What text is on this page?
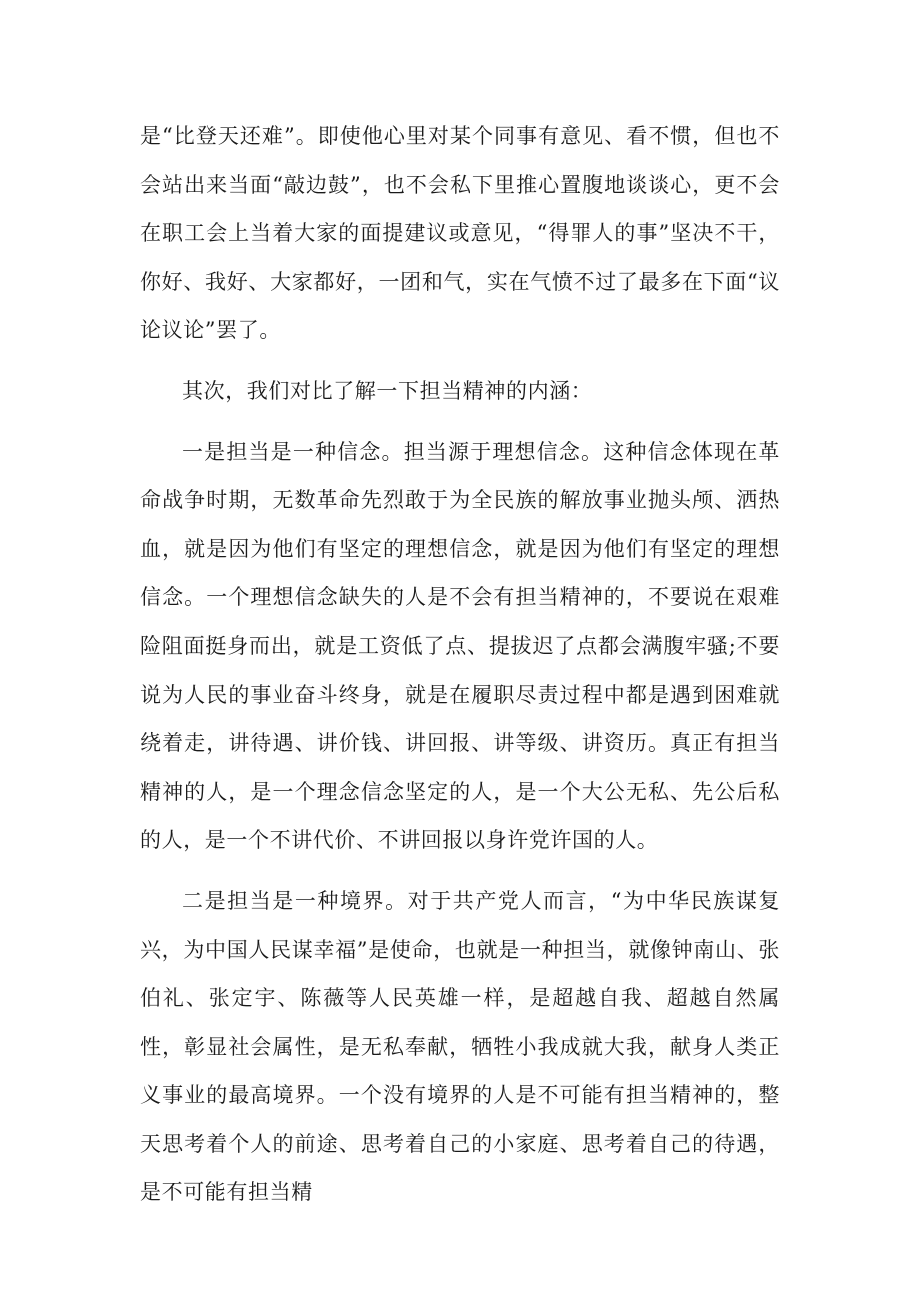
是“比登天还难”。即使他心里对某个同事有意见、看不惯，但也不会站出来当面“敲边鼓”，也不会私下里推心置腹地谈谈心，更不会在职工会上当着大家的面提建议或意见，“得罪人的事”坚决不干，你好、我好、大家都好，一团和气，实在气愤不过了最多在下面“议论议论”罢了。

其次，我们对比了解一下担当精神的内涵：

一是担当是一种信念。担当源于理想信念。这种信念体现在革命战争时期，无数革命先烈敢于为全民族的解放事业抛头颅、洒热血，就是因为他们有坚定的理想信念，就是因为他们有坚定的理想信念。一个理想信念缺失的人是不会有担当精神的，不要说在艰难险阻面挺身而出，就是工资低了点、提拔迟了点都会满腹牢骚;不要说为人民的事业奋斗终身，就是在履职尽责过程中都是遇到困难就绕着走，讲待遇、讲价钱、讲回报、讲等级、讲资历。真正有担当精神的人，是一个理念信念坚定的人，是一个大公无私、先公后私的人，是一个不讲代价、不讲回报以身许党许国的人。

二是担当是一种境界。对于共产党人而言，“为中华民族谋复兴，为中国人民谋幸福”是使命，也就是一种担当，就像钟南山、张伯礼、张定宇、陈薇等人民英雄一样，是超越自我、超越自然属性，彰显社会属性，是无私奉献，牺牲小我成就大我，献身人类正义事业的最高境界。一个没有境界的人是不可能有担当精神的，整天思考着个人的前途、思考着自己的小家庭、思考着自己的待遇，是不可能有担当精
